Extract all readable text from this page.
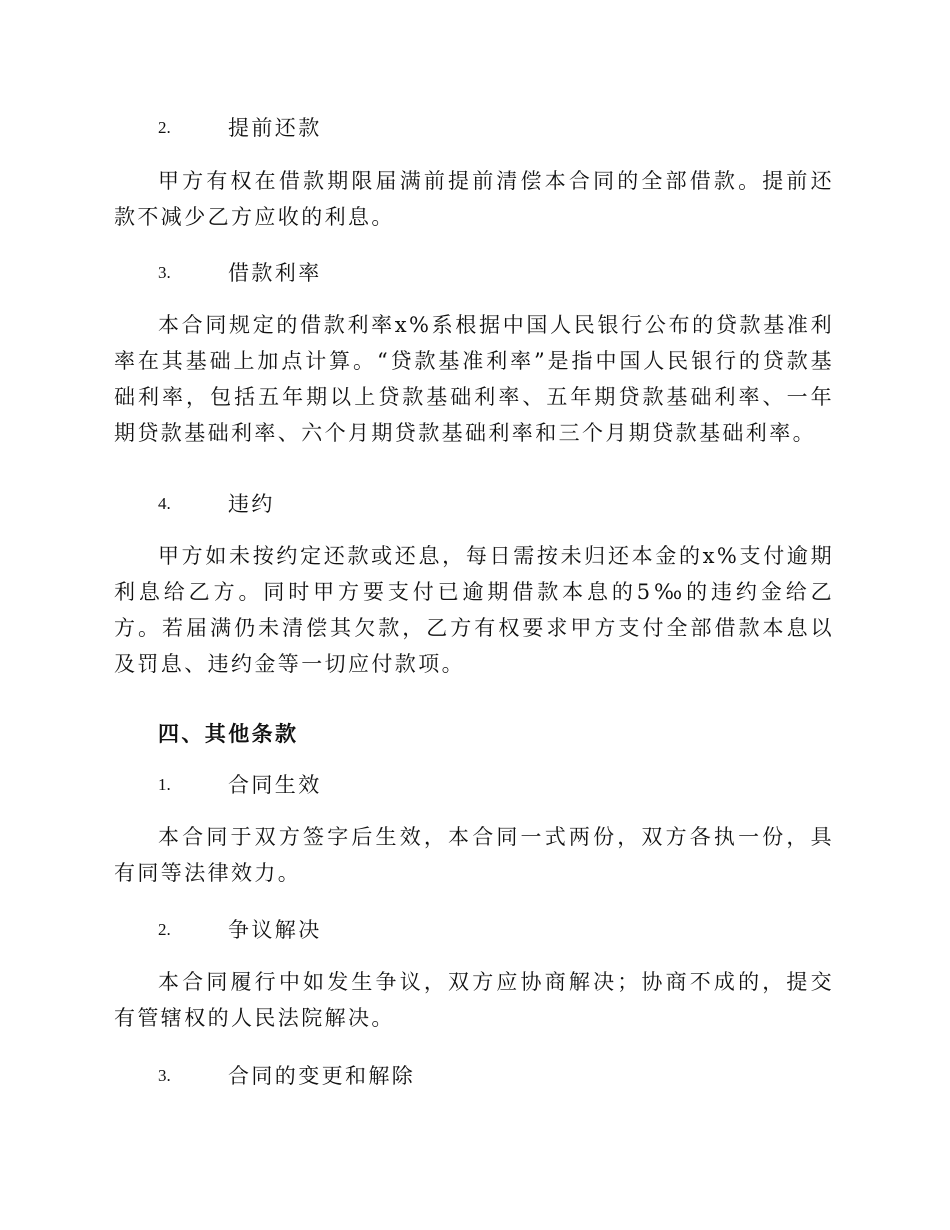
2.	提前还款
甲方有权在借款期限届满前提前清偿本合同的全部借款。提前还款不减少乙方应收的利息。
3.	借款利率
本合同规定的借款利率x%系根据中国人民银行公布的贷款基准利率在其基础上加点计算。“贷款基准利率”是指中国人民银行的贷款基础利率，包括五年期以上贷款基础利率、五年期贷款基础利率、一年期贷款基础利率、六个月期贷款基础利率和三个月期贷款基础利率。
4.	违约
甲方如未按约定还款或还息，每日需按未归还本金的x%支付逾期利息给乙方。同时甲方要支付已逾期借款本息的5‰的违约金给乙方。若届满仍未清偿其欠款，乙方有权要求甲方支付全部借款本息以及罚息、违约金等一切应付款项。
四、其他条款
1.	合同生效
本合同于双方签字后生效，本合同一式两份，双方各执一份，具有同等法律效力。
2.	争议解决
本合同履行中如发生争议，双方应协商解决；协商不成的，提交有管辖权的人民法院解决。
3.	合同的变更和解除
